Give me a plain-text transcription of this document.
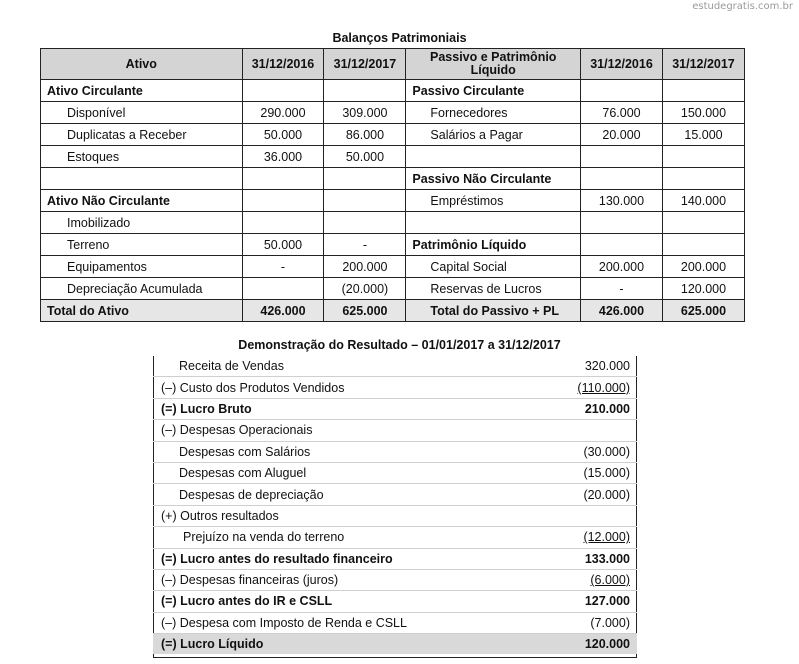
estudegratis.com.br
Balanços Patrimoniais
Ativo	31/12/2016	31/12/2017	Passivo e Patrimônio Líquido	31/12/2016	31/12/2017
Ativo Circulante			Passivo Circulante		
Disponível	290.000	309.000	Fornecedores	76.000	150.000
Duplicatas a Receber	50.000	86.000	Salários a Pagar	20.000	15.000
Estoques	36.000	50.000			
			Passivo Não Circulante		
Ativo Não Circulante			Empréstimos	130.000	140.000
Imobilizado					
Terreno	50.000	-	Patrimônio Líquido		
Equipamentos	-	200.000	Capital Social	200.000	200.000
Depreciação Acumulada		(20.000)	Reservas de Lucros	-	120.000
Total do Ativo	426.000	625.000	Total do Passivo + PL	426.000	625.000
Demonstração do Resultado – 01/01/2017 a 31/12/2017
Receita de Vendas	320.000
(–) Custo dos Produtos Vendidos	(110.000)
(=) Lucro Bruto	210.000
(–) Despesas Operacionais	
Despesas com Salários	(30.000)
Despesas com Aluguel	(15.000)
Despesas de depreciação	(20.000)
(+) Outros resultados	
Prejuízo na venda do terreno	(12.000)
(=) Lucro antes do resultado financeiro	133.000
(–) Despesas financeiras (juros)	(6.000)
(=) Lucro antes do IR e CSLL	127.000
(–) Despesa com Imposto de Renda e CSLL	(7.000)
(=) Lucro Líquido	120.000
